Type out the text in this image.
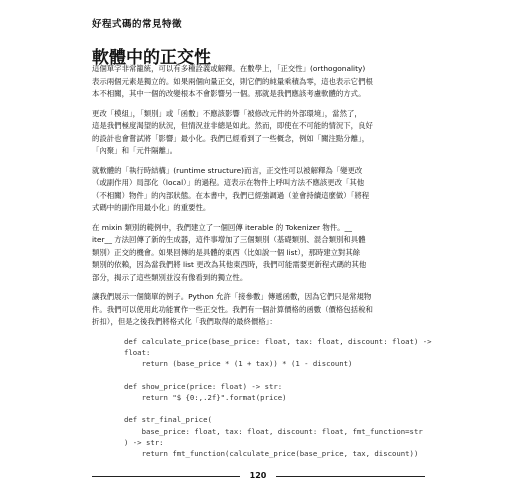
好程式碼的常見特徵
軟體中的正交性

這個單字非常籠統，可以有多種詮義或解釋。在數學上，「正交性」(orthogonality)
表示兩個元素是獨立的。如果兩個向量正交，則它們的純量乘積為零，這也表示它們根
本不相關，其中一個的改變根本不會影響另一個。那就是我們應該考慮軟體的方式。

更改「模組」，「類別」或「函數」不應該影響「被修改元件的外部環境」，當然了，
這是我們極度渴望的狀況，但情況並非總是如此。然而，即使在不可能的情況下，良好
的設計也會嘗試將「影響」最小化。我們已經看到了一些概念，例如「關注點分離」，
「內聚」和「元件隔離」。

就軟體的「執行時結構」(runtime structure)而言，正交性可以被解釋為「變更改
（或副作用）局部化（local）」的過程。這表示在物件上呼叫方法不應該更改「其他
（不相關）物件」的內部狀態。在本書中，我們已經強調過（並會持續這麼做）「將程
式碼中的副作用最小化」的重要性。

在 mixin 類別的範例中，我們建立了一個回傳 iterable 的 Tokenizer 物件。__
iter__ 方法回傳了新的生成器，這件事增加了三個類別（基礎類別、混合類別和具體
類別）正交的機會。如果回傳的是具體的東西（比如說一個 list），那時建立對其餘
類別的依賴，因為當我們將 list 更改為其他東西時，我們可能需要更新程式碼的其他
部分，揭示了這些類別並沒有像看到的獨立性。

讓我們展示一個簡單的例子。Python 允許「接參數」傳遞函數，因為它們只是常規物
件。我們可以使用此功能實作一些正交性。我們有一個計算價格的函數（價格包括稅和
折扣），但是之後我們將格式化「我們取得的最終價格」：

def calculate_price(base_price: float, tax: float, discount: float) ->
float:
return (base_price * (1 + tax)) * (1 - discount)

def show_price(price: float) -> str:
return "$ {0:,.2f}".format(price)

def str_final_price(
base_price: float, tax: float, discount: float, fmt_function=str
) -> str:
return fmt_function(calculate_price(base_price, tax, discount))

120
